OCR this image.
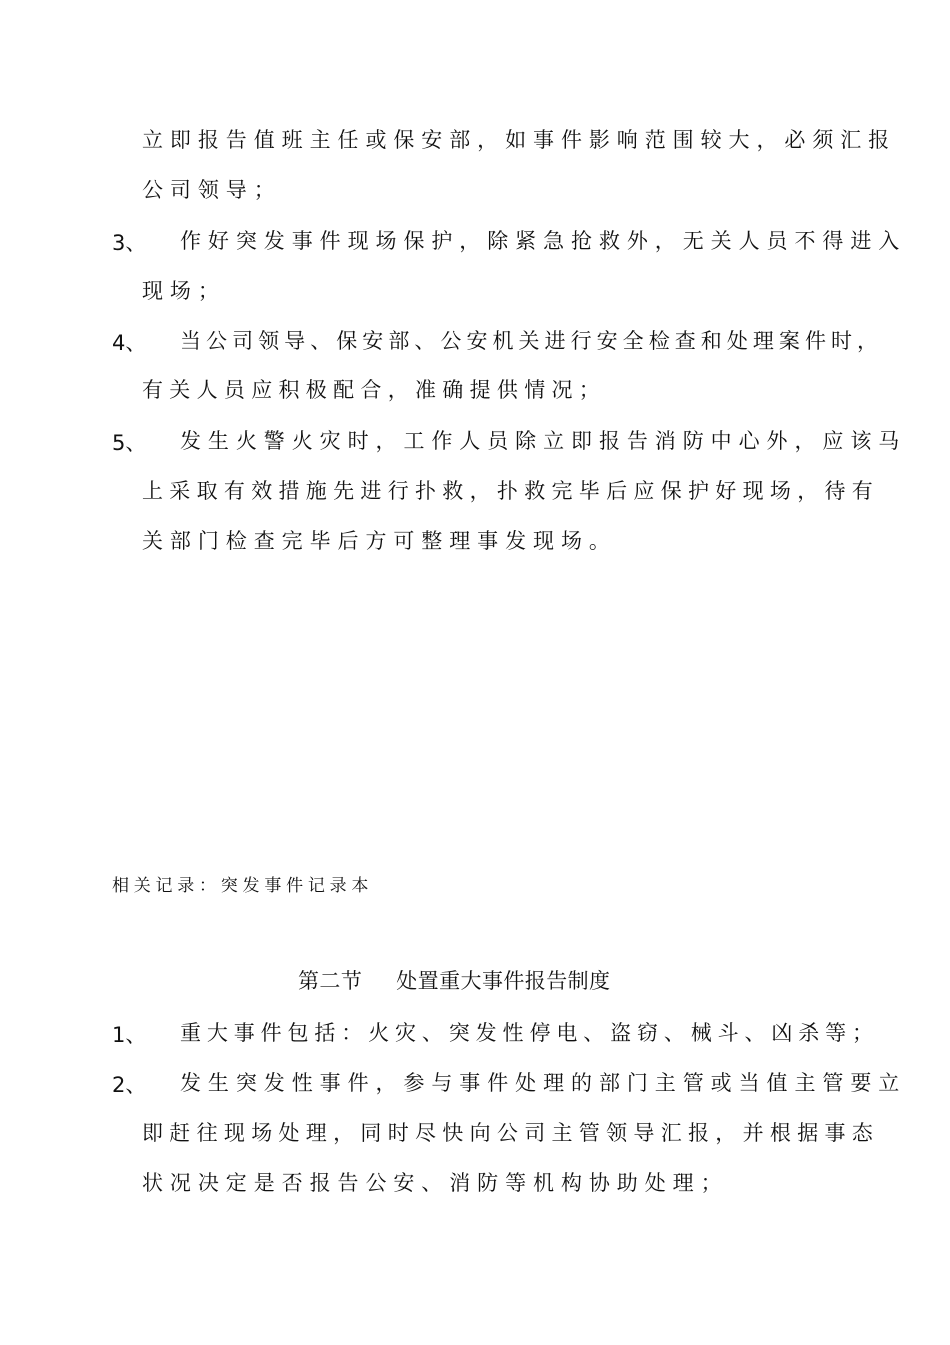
立即报告值班主任或保安部，如事件影响范围较大，必须汇报
公司领导；
3、 作好突发事件现场保护，除紧急抢救外，无关人员不得进入
现场；
4、 当公司领导、保安部、公安机关进行安全检查和处理案件时，
有关人员应积极配合，准确提供情况；
5、 发生火警火灾时，工作人员除立即报告消防中心外，应该马
上采取有效措施先进行扑救，扑救完毕后应保护好现场，待有
关部门检查完毕后方可整理事发现场。
相关记录：突发事件记录本
第二节 处置重大事件报告制度
1、 重大事件包括：火灾、突发性停电、盗窃、械斗、凶杀等；
2、 发生突发性事件，参与事件处理的部门主管或当值主管要立
即赶往现场处理，同时尽快向公司主管领导汇报，并根据事态
状况决定是否报告公安、消防等机构协助处理；
